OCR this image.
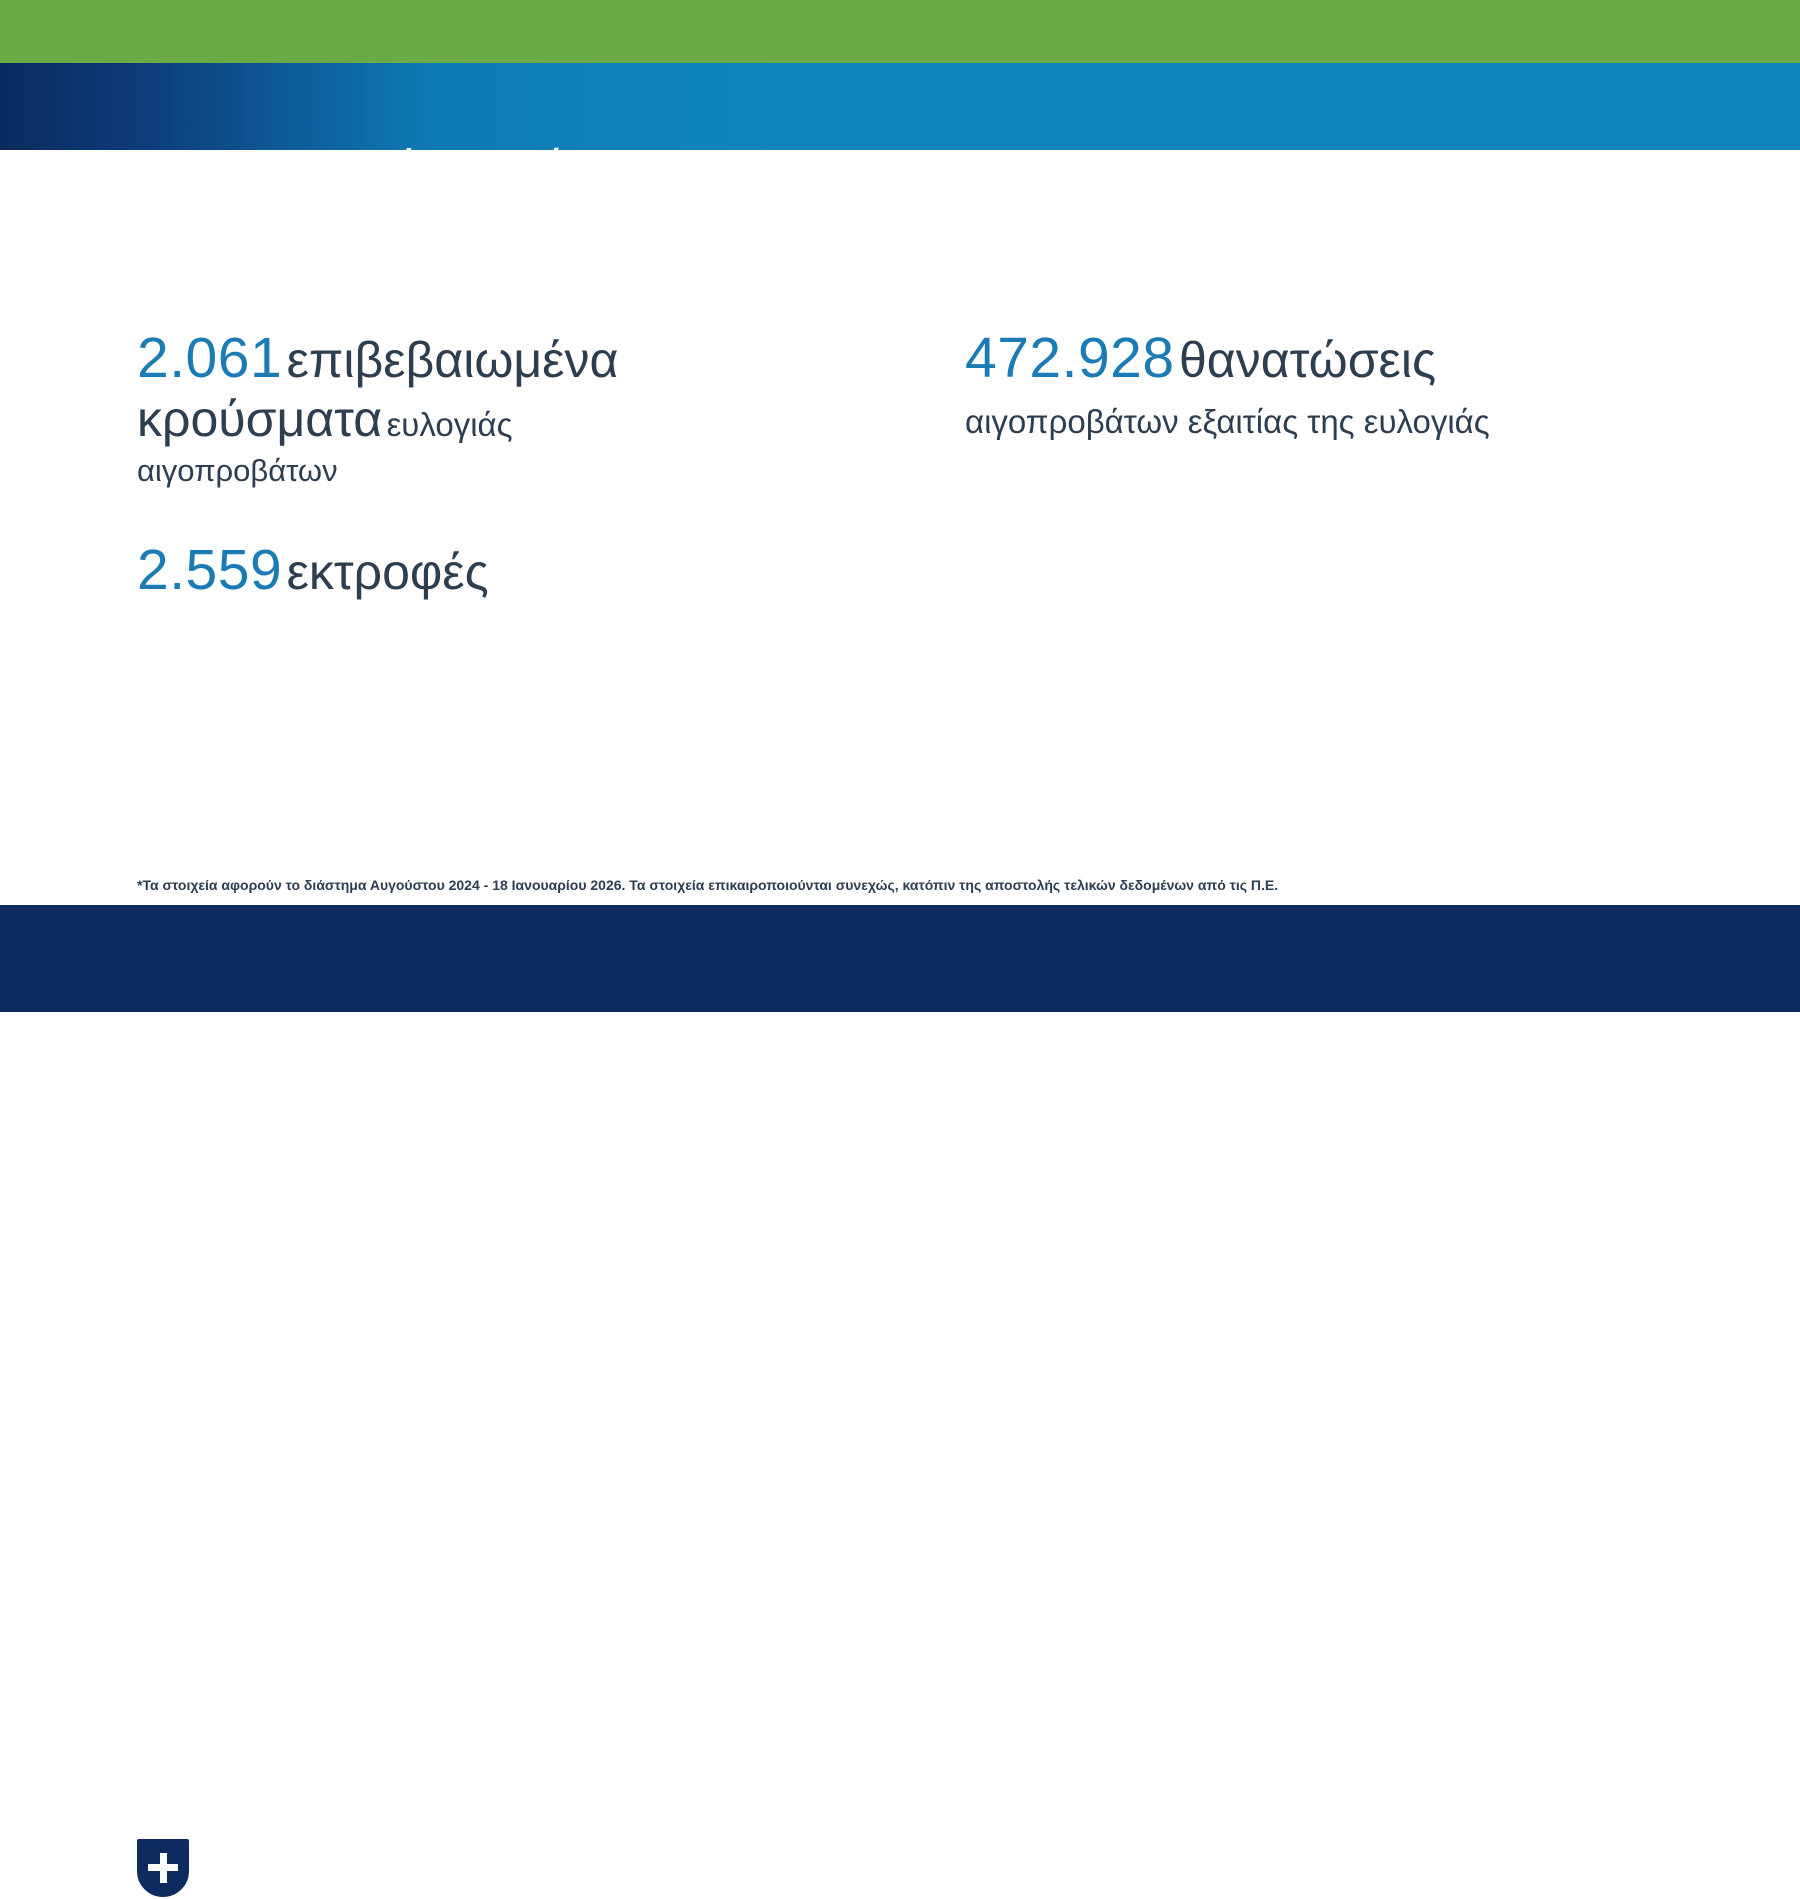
Συγκεντρωτικά Στοιχεία*
2.061 επιβεβαιωμένα
κρούσματα ευλογιάς
αιγοπροβάτων
2.559 εκτροφές
472.928 θανατώσεις
αιγοπροβάτων εξαιτίας της ευλογιάς
*Τα στοιχεία αφορούν το διάστημα Αυγούστου 2024 - 18 Ιανουαρίου 2026. Τα στοιχεία επικαιροποιούνται συνεχώς, κατόπιν της αποστολής τελικών δεδομένων από τις Π.Ε.
ΕΛΛΗΝΙΚΗ ΔΗΜΟΚΡΑΤΙΑ
Υπουργείο Αγροτικής Ανάπτυξης
και Τροφίμων
Εθνική Επιστημονική Επιτροπή
Διαχείρισης και Ελέγχου της Ευλογιάς
